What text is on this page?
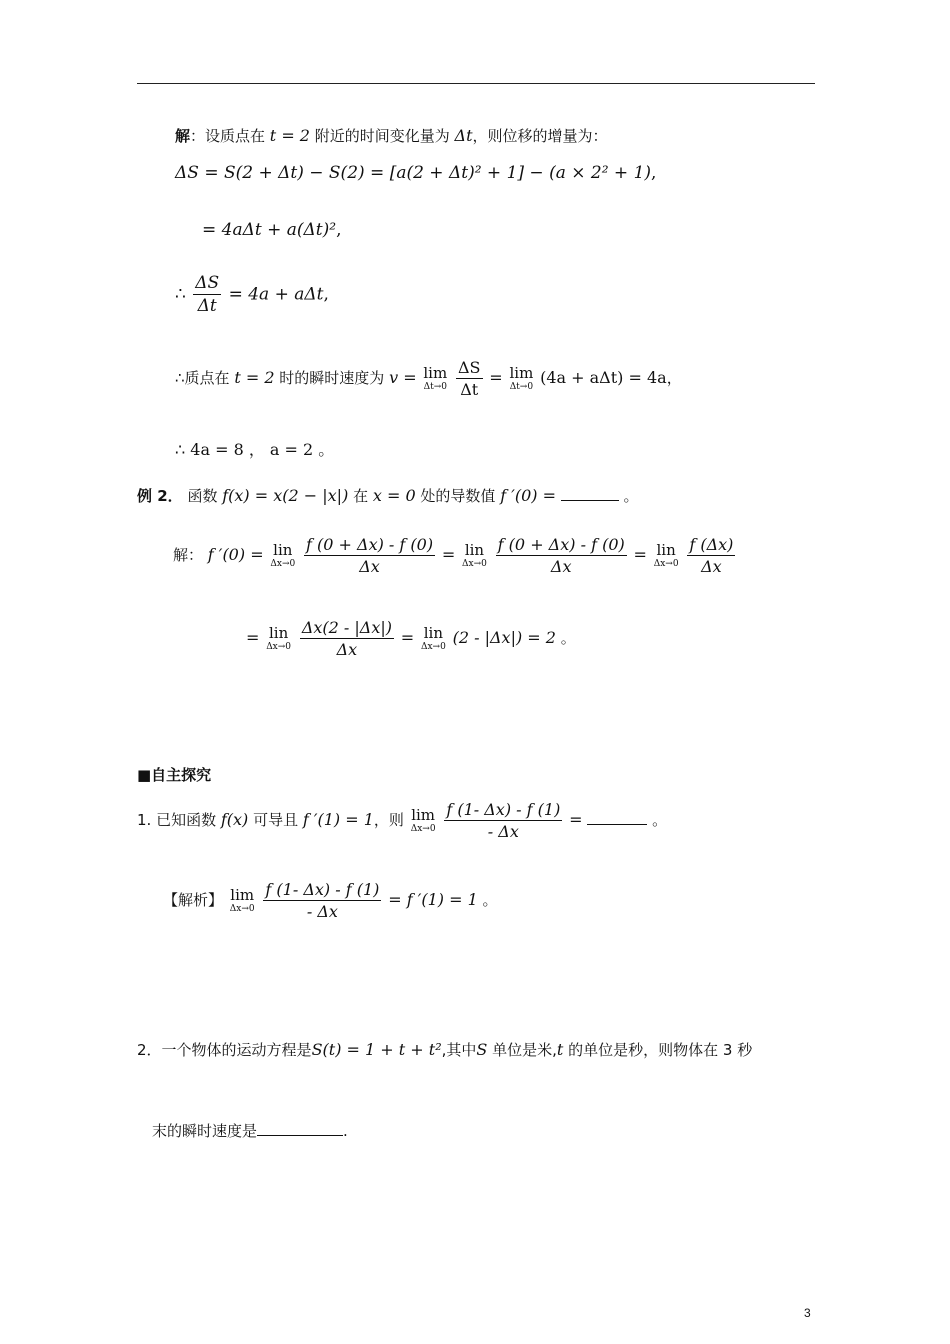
解：设质点在 t = 2 附近的时间变化量为 Δt，则位移的增量为：
ΔS = S(2 + Δt) − S(2) = [a(2 + Δt)² + 1] − (a × 2² + 1),
= 4aΔt + a(Δt)²,
∴ $\frac{\Delta S}{\Delta t} = 4a + a\Delta t$,
∴质点在 t = 2 时的瞬时速度为 v = lim
Δt→0
$\frac{\Delta S}{\Delta t} = \lim$
Δt→0 (4a + aΔt) = 4a，
∴ 4a = 8 ， a = 2 。
例 2． 函数 f(x) = x(2 − |x|) 在 x = 0 处的导数值 f ′(0) =	。
解： f ′(0) = lin
Δx→0
$\frac{f (0 + \Delta x) - f (0)}{\Delta x}$ = lin
Δx→0
$\frac{f (0 + \Delta x) - f (0)}{\Delta x}$ = lin
Δx→0
$\frac{f (\Delta x)}{\Delta x}$
= lin
Δx→0
$\frac{\Delta x(2 - |\Delta x|)}{\Delta x}$ = lin
Δx→0 (2 - |Δx|) = 2 。
■自主探究
1. 已知函数 f(x) 可导且 f ′(1) = 1，则 lim
Δx→0
$\frac{f (1- \Delta x) - f (1)}{- \Delta x}$ =	。
【解析】 lim
Δx→0
$\frac{f (1- \Delta x) - f (1)}{- \Delta x} = f$ ′(1) = 1 。
2．一个物体的运动方程是S(t) = 1 + t + t²,其中S 单位是米,t 的单位是秒，则物体在 3 秒
末的瞬时速度是	.
3
